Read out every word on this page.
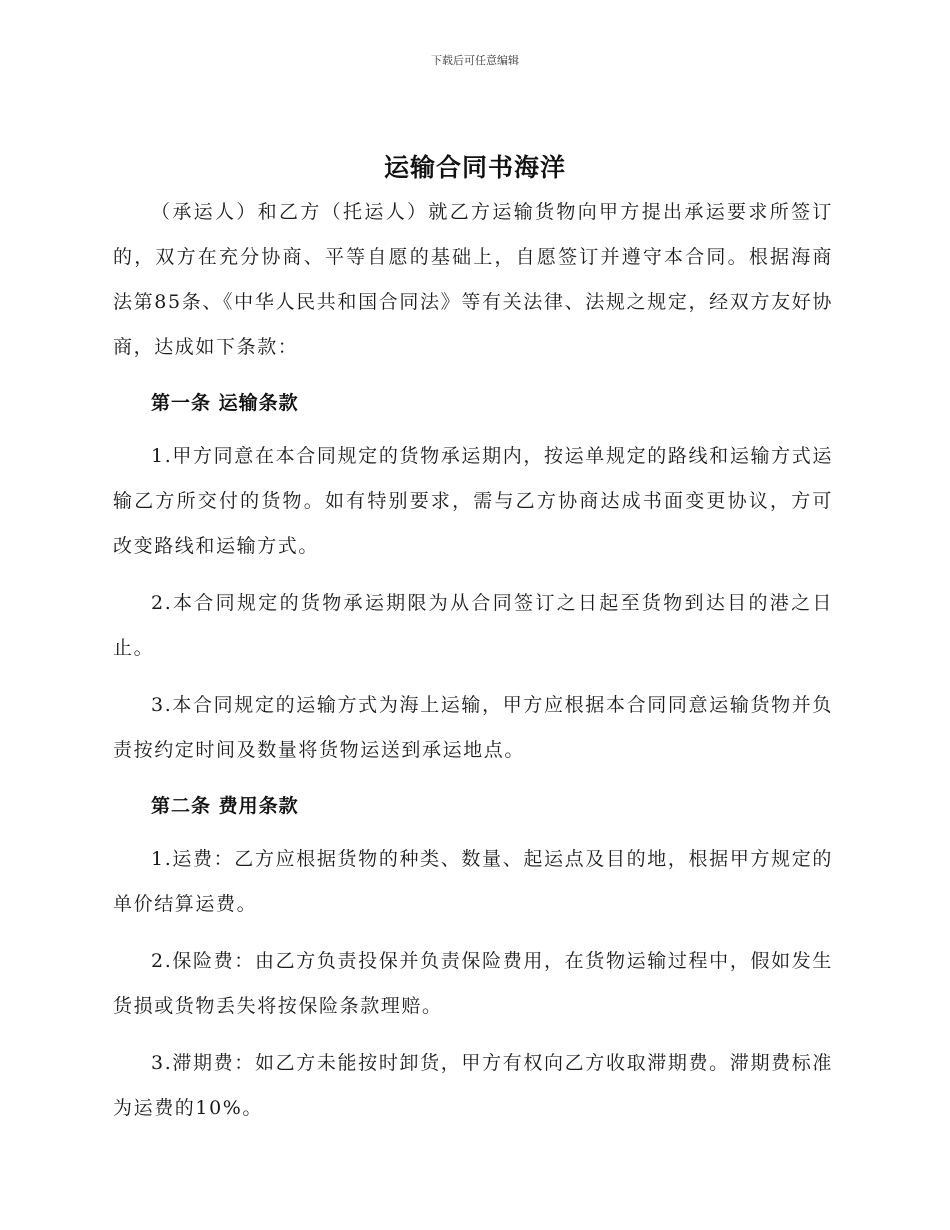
下载后可任意编辑
运输合同书海洋

（承运人）和乙方（托运人）就乙方运输货物向甲方提出承运要求所签订的，双方在充分协商、平等自愿的基础上，自愿签订并遵守本合同。根据海商法第85条、《中华人民共和国合同法》等有关法律、法规之规定，经双方友好协商，达成如下条款：

第一条 运输条款

1.甲方同意在本合同规定的货物承运期内，按运单规定的路线和运输方式运输乙方所交付的货物。如有特别要求，需与乙方协商达成书面变更协议，方可改变路线和运输方式。

2.本合同规定的货物承运期限为从合同签订之日起至货物到达目的港之日止。

3.本合同规定的运输方式为海上运输，甲方应根据本合同同意运输货物并负责按约定时间及数量将货物运送到承运地点。

第二条 费用条款

1.运费：乙方应根据货物的种类、数量、起运点及目的地，根据甲方规定的单价结算运费。

2.保险费：由乙方负责投保并负责保险费用，在货物运输过程中，假如发生货损或货物丢失将按保险条款理赔。

3.滞期费：如乙方未能按时卸货，甲方有权向乙方收取滞期费。滞期费标准为运费的10%。
